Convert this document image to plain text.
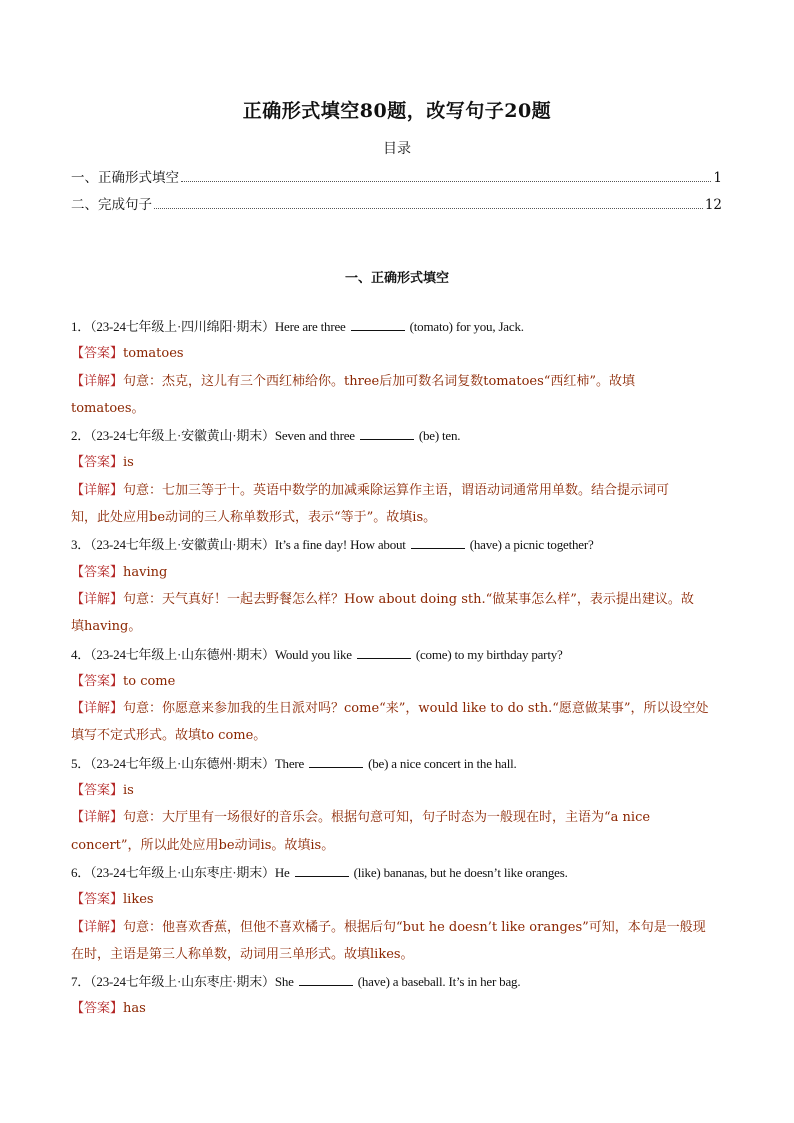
正确形式填空80题，改写句子20题
目录
一、正确形式填空	1
二、完成句子	12
一、正确形式填空
1．（23-24七年级上·四川绵阳·期末）Here are three	(tomato) for you, Jack.
【答案】tomatoes
【详解】句意：杰克，这儿有三个西红柿给你。three后加可数名词复数tomatoes“西红柿”。故填
tomatoes。
2．（23-24七年级上·安徽黄山·期末）Seven and three	(be) ten.
【答案】is
【详解】句意：七加三等于十。英语中数学的加减乘除运算作主语，谓语动词通常用单数。结合提示词可
知，此处应用be动词的三人称单数形式，表示“等于”。故填is。
3．（23-24七年级上·安徽黄山·期末）It’s a fine day! How about	(have) a picnic together?
【答案】having
【详解】句意：天气真好！一起去野餐怎么样？How about doing sth.“做某事怎么样”，表示提出建议。故
填having。
4．（23-24七年级上·山东德州·期末）Would you like	(come) to my birthday party?
【答案】to come
【详解】句意：你愿意来参加我的生日派对吗？come“来”，would like to do sth.“愿意做某事”，所以设空处
填写不定式形式。故填to come。
5．（23-24七年级上·山东德州·期末）There	(be) a nice concert in the hall.
【答案】is
【详解】句意：大厅里有一场很好的音乐会。根据句意可知，句子时态为一般现在时，主语为“a nice
concert”，所以此处应用be动词is。故填is。
6．（23-24七年级上·山东枣庄·期末）He	(like) bananas, but he doesn’t like oranges.
【答案】likes
【详解】句意：他喜欢香蕉，但他不喜欢橘子。根据后句“but he doesn’t like oranges”可知，本句是一般现
在时，主语是第三人称单数，动词用三单形式。故填likes。
7．（23-24七年级上·山东枣庄·期末）She	(have) a baseball. It’s in her bag.
【答案】has
